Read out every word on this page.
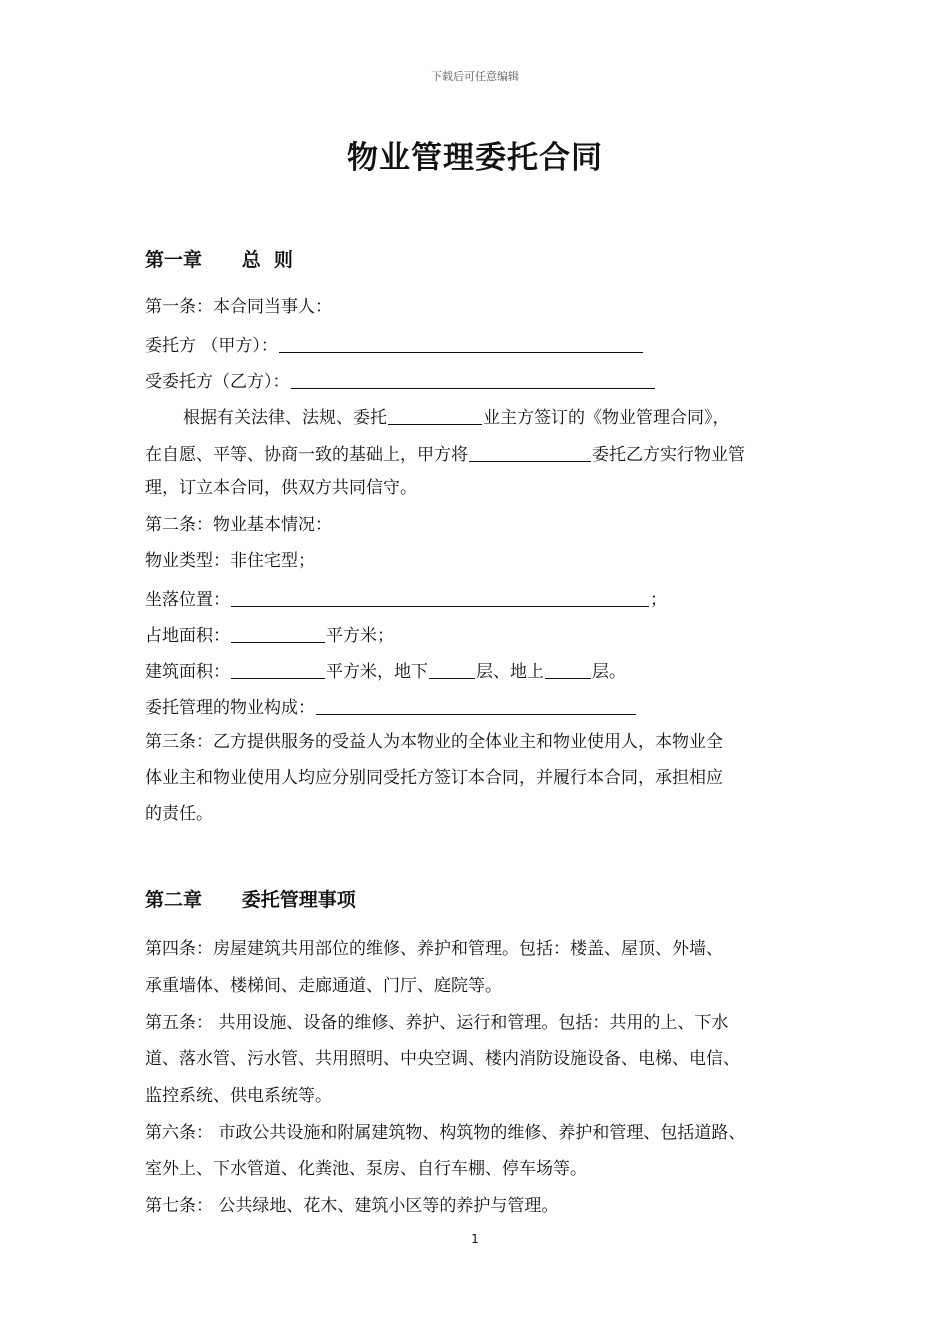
下载后可任意编辑
物业管理委托合同
第一章      总  则
第一条：本合同当事人：
委托方 （甲方）：
受委托方（乙方）：
根据有关法律、法规、委托	业主方签订的《物业管理合同》，
在自愿、平等、协商一致的基础上，甲方将	委托乙方实行物业管
理，订立本合同，供双方共同信守。
第二条：物业基本情况：
物业类型：非住宅型；
坐落位置：	；
占地面积：	平方米；
建筑面积：	平方米，地下	层、地上	层。
委托管理的物业构成：
第三条：乙方提供服务的受益人为本物业的全体业主和物业使用人，本物业全
体业主和物业使用人均应分别同受托方签订本合同，并履行本合同，承担相应
的责任。
第二章      委托管理事项
第四条：房屋建筑共用部位的维修、养护和管理。包括：楼盖、屋顶、外墙、
承重墙体、楼梯间、走廊通道、门厅、庭院等。
第五条： 共用设施、设备的维修、养护、运行和管理。包括：共用的上、下水
道、落水管、污水管、共用照明、中央空调、楼内消防设施设备、电梯、电信、
监控系统、供电系统等。
第六条： 市政公共设施和附属建筑物、构筑物的维修、养护和管理、包括道路、
室外上、下水管道、化粪池、泵房、自行车棚、停车场等。
第七条： 公共绿地、花木、建筑小区等的养护与管理。
1
